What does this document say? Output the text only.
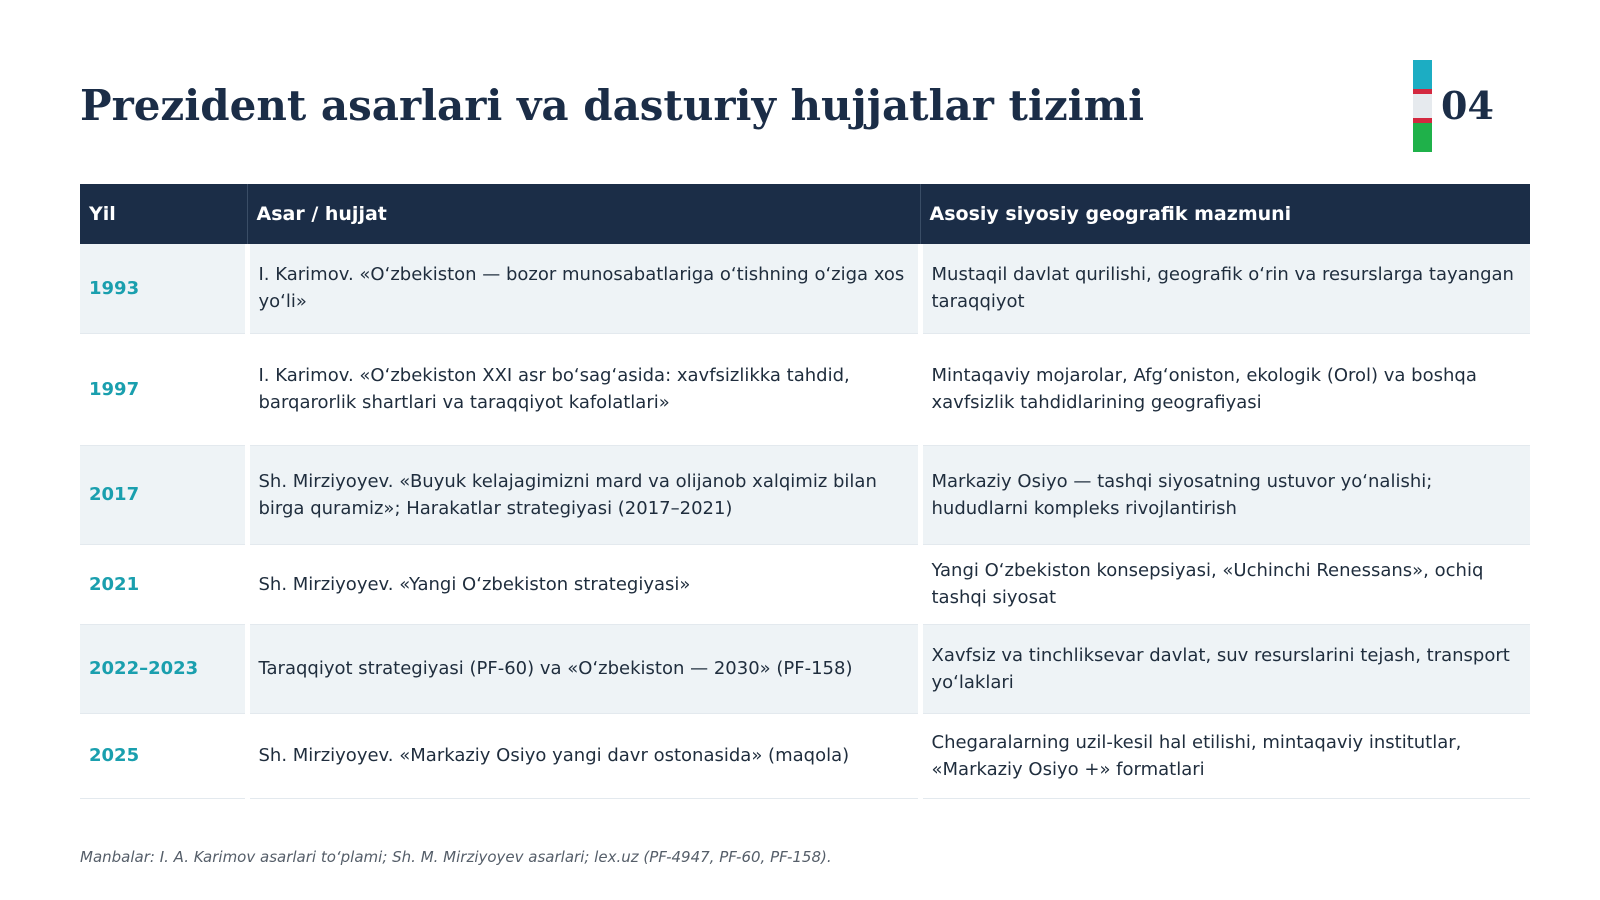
Prezident asarlari va dasturiy hujjatlar tizimi	04
Yil	Asar / hujjat	Asosiy siyosiy geografik mazmuni
1993	I. Karimov. «O‘zbekiston — bozor munosabatlariga o‘tishning o‘ziga xos yo‘li»	Mustaqil davlat qurilishi, geografik o‘rin va resurslarga tayangan taraqqiyot
1997	I. Karimov. «O‘zbekiston XXI asr bo‘sag‘asida: xavfsizlikka tahdid, barqarorlik shartlari va taraqqiyot kafolatlari»	Mintaqaviy mojarolar, Afg‘oniston, ekologik (Orol) va boshqa xavfsizlik tahdidlarining geografiyasi
2017	Sh. Mirziyoyev. «Buyuk kelajagimizni mard va olijanob xalqimiz bilan birga quramiz»; Harakatlar strategiyasi (2017–2021)	Markaziy Osiyo — tashqi siyosatning ustuvor yo‘nalishi; hududlarni kompleks rivojlantirish
2021	Sh. Mirziyoyev. «Yangi O‘zbekiston strategiyasi»	Yangi O‘zbekiston konsepsiyasi, «Uchinchi Renessans», ochiq tashqi siyosat
2022–2023	Taraqqiyot strategiyasi (PF-60) va «O‘zbekiston — 2030» (PF-158)	Xavfsiz va tinchliksevar davlat, suv resurslarini tejash, transport yo‘laklari
2025	Sh. Mirziyoyev. «Markaziy Osiyo yangi davr ostonasida» (maqola)	Chegaralarning uzil-kesil hal etilishi, mintaqaviy institutlar, «Markaziy Osiyo +» formatlari
Manbalar: I. A. Karimov asarlari to‘plami; Sh. M. Mirziyoyev asarlari; lex.uz (PF-4947, PF-60, PF-158).
